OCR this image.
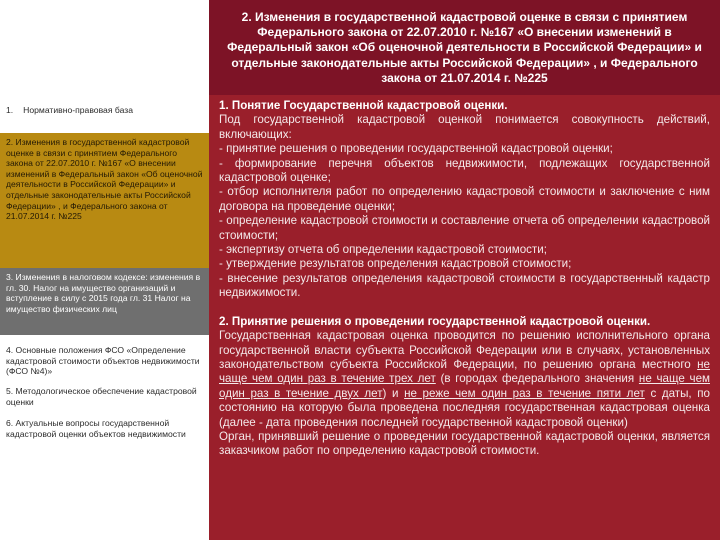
2. Изменения в государственной кадастровой оценке в связи с принятием Федерального закона от 22.07.2010 г. №167 «О внесении изменений в Федеральный закон «Об оценочной деятельности в Российской Федерации» и отдельные законодательные акты Российской Федерации» , и Федерального закона от 21.07.2014 г. №225
1. Нормативно-правовая база
2. Изменения в государственной кадастровой оценке в связи с принятием Федерального закона от 22.07.2010 г. №167 «О внесении изменений в Федеральный закон «Об оценочной деятельности в Российской Федерации» и отдельные законодательные акты Российской Федерации» , и Федерального закона от 21.07.2014 г. №225
3. Изменения в налоговом кодексе: изменения в гл. 30. Налог на имущество организаций и вступление в силу с 2015 года гл. 31 Налог на имущество физических лиц
4. Основные положения ФСО «Определение кадастровой стоимости объектов недвижимости (ФСО №4)»
5. Методологическое обеспечение кадастровой оценки
6. Актуальные вопросы государственной кадастровой оценки объектов недвижимости

1. Понятие Государственной кадастровой оценки.

Под государственной кадастровой оценкой понимается совокупность действий, включающих:

- принятие решения о проведении государственной кадастровой оценки;

- формирование перечня объектов недвижимости, подлежащих государственной кадастровой оценке;

- отбор исполнителя работ по определению кадастровой стоимости и заключение с ним договора на проведение оценки;

- определение кадастровой стоимости и составление отчета об определении кадастровой стоимости;

- экспертизу отчета об определении кадастровой стоимости;

- утверждение результатов определения кадастровой стоимости;

- внесение результатов определения кадастровой стоимости в государственный кадастр недвижимости.

2. Принятие решения о проведении государственной кадастровой оценки.

Государственная кадастровая оценка проводится по решению исполнительного органа государственной власти субъекта Российской Федерации или в случаях, установленных законодательством субъекта Российской Федерации, по решению органа местного не чаще чем один раз в течение трех лет (в городах федерального значения не чаще чем один раз в течение двух лет) и не реже чем один раз в течение пяти лет с даты, по состоянию на которую была проведена последняя государственная кадастровая оценка (далее - дата проведения последней государственной кадастровой оценки)

Орган, принявший решение о проведении государственной кадастровой оценки, является заказчиком работ по определению кадастровой стоимости.
